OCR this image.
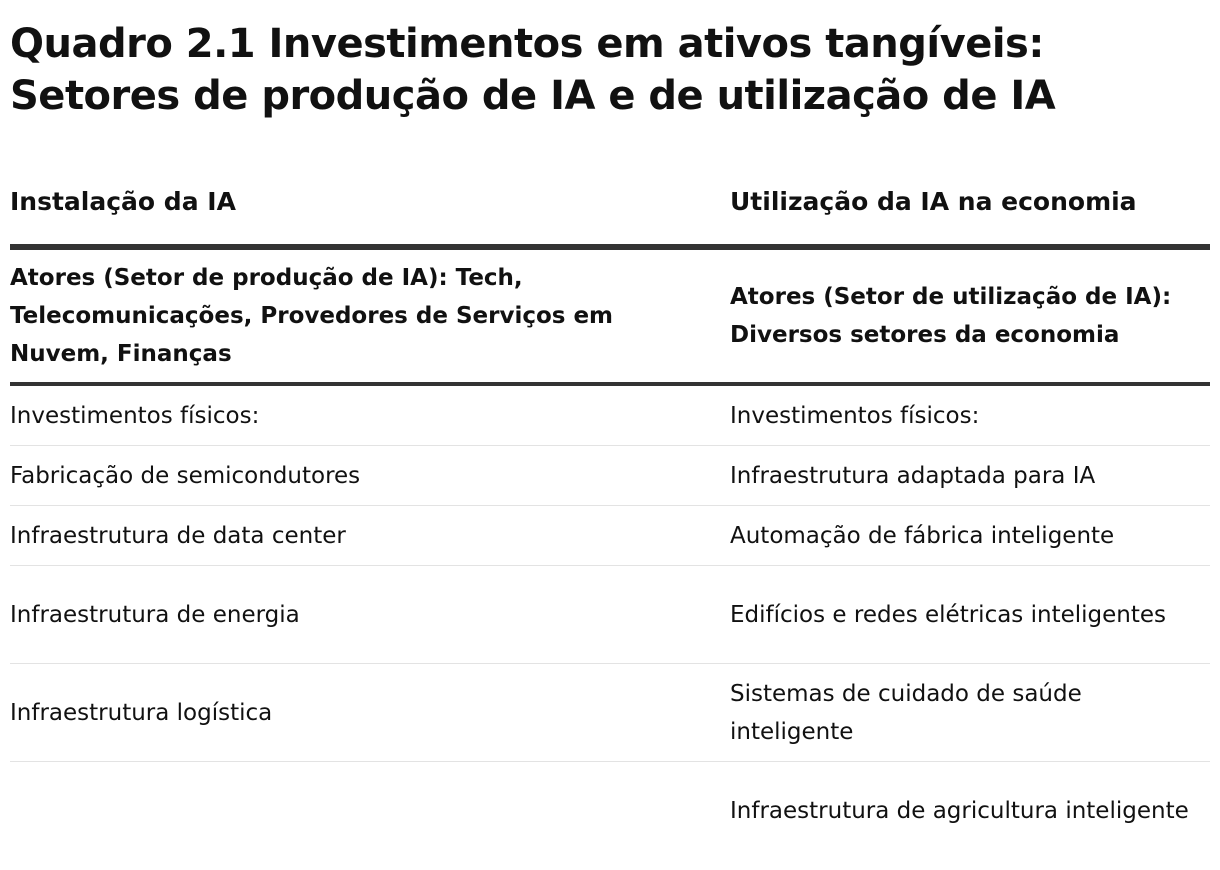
Quadro 2.1 Investimentos em ativos tangíveis: Setores de produção de IA e de utilização de IA
Instalação da IA	Utilização da IA na economia
Atores (Setor de produção de IA): Tech, Telecomunicações, Provedores de Serviços em Nuvem, Finanças	Atores (Setor de utilização de IA): Diversos setores da economia
Investimentos físicos:	Investimentos físicos:
Fabricação de semicondutores	Infraestrutura adaptada para IA
Infraestrutura de data center	Automação de fábrica inteligente
Infraestrutura de energia	Edifícios e redes elétricas inteligentes
Infraestrutura logística	Sistemas de cuidado de saúde inteligente
	Infraestrutura de agricultura inteligente
